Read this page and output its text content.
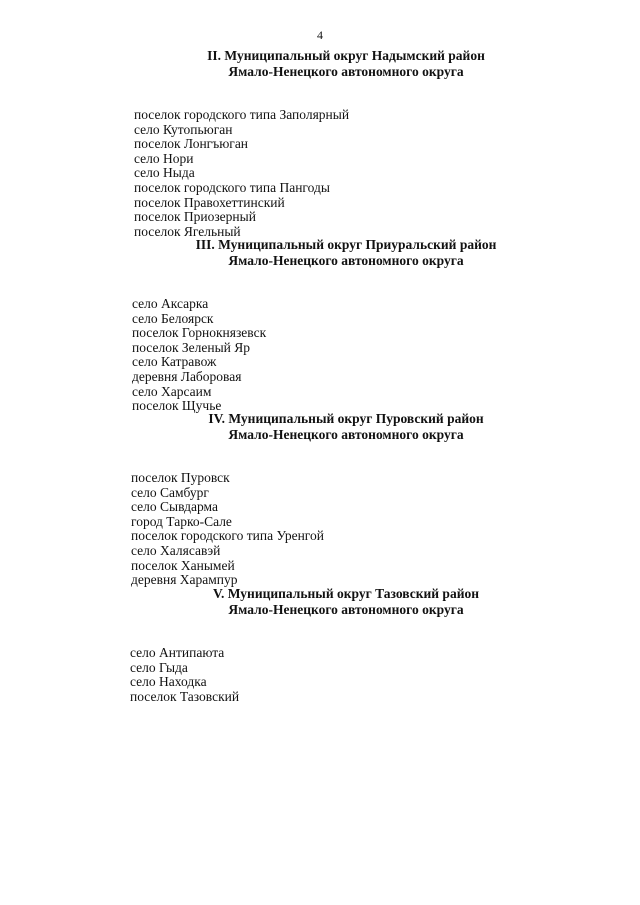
4
II. Муниципальный округ Надымский район
Ямало-Ненецкого автономного округа
поселок городского типа Заполярный
село Кутопьюган
поселок Лонгъюган
село Нори
село Ныда
поселок городского типа Пангоды
поселок Правохеттинский
поселок Приозерный
поселок Ягельный
III. Муниципальный округ Приуральский район
Ямало-Ненецкого автономного округа
село Аксарка
село Белоярск
поселок Горнокнязевск
поселок Зеленый Яр
село Катравож
деревня Лаборовая
село Харсаим
поселок Щучье
IV. Муниципальный округ Пуровский район
Ямало-Ненецкого автономного округа
поселок Пуровск
село Самбург
село Сывдарма
город Тарко-Сале
поселок городского типа Уренгой
село Халясавэй
поселок Ханымей
деревня Харампур
V. Муниципальный округ Тазовский район
Ямало-Ненецкого автономного округа
село Антипаюта
село Гыда
село Находка
поселок Тазовский
